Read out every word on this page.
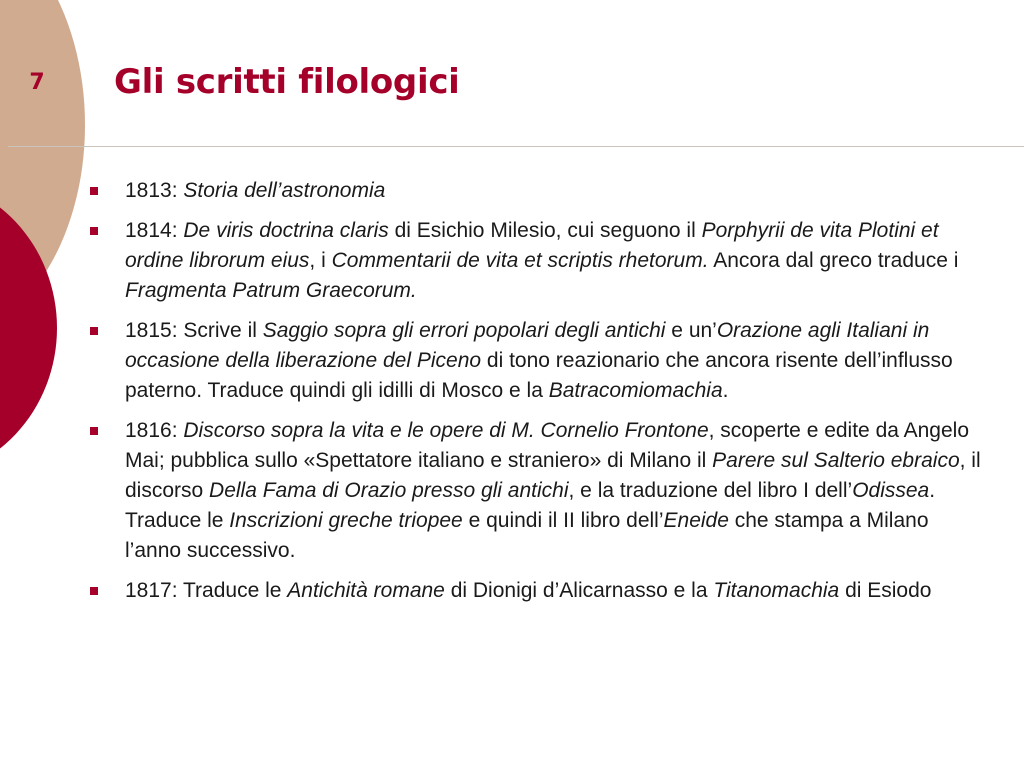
7 Gli scritti filologici
1813: Storia dell’astronomia
1814: De viris doctrina claris di Esichio Milesio, cui seguono il Porphyrii de vita Plotini et ordine librorum eius, i Commentarii de vita et scriptis rhetorum. Ancora dal greco traduce i Fragmenta Patrum Graecorum.
1815: Scrive il Saggio sopra gli errori popolari degli antichi e un’Orazione agli Italiani in occasione della liberazione del Piceno di tono reazionario che ancora risente dell’influsso paterno. Traduce quindi gli idilli di Mosco e la Batracomiomachia.
1816: Discorso sopra la vita e le opere di M. Cornelio Frontone, scoperte e edite da Angelo Mai; pubblica sullo «Spettatore italiano e straniero» di Milano il Parere sul Salterio ebraico, il discorso Della Fama di Orazio presso gli antichi, e la traduzione del libro I dell’Odissea. Traduce le Inscrizioni greche triopee e quindi il II libro dell’Eneide che stampa a Milano l’anno successivo.
1817: Traduce le Antichità romane di Dionigi d’Alicarnasso e la Titanomachia di Esiodo
